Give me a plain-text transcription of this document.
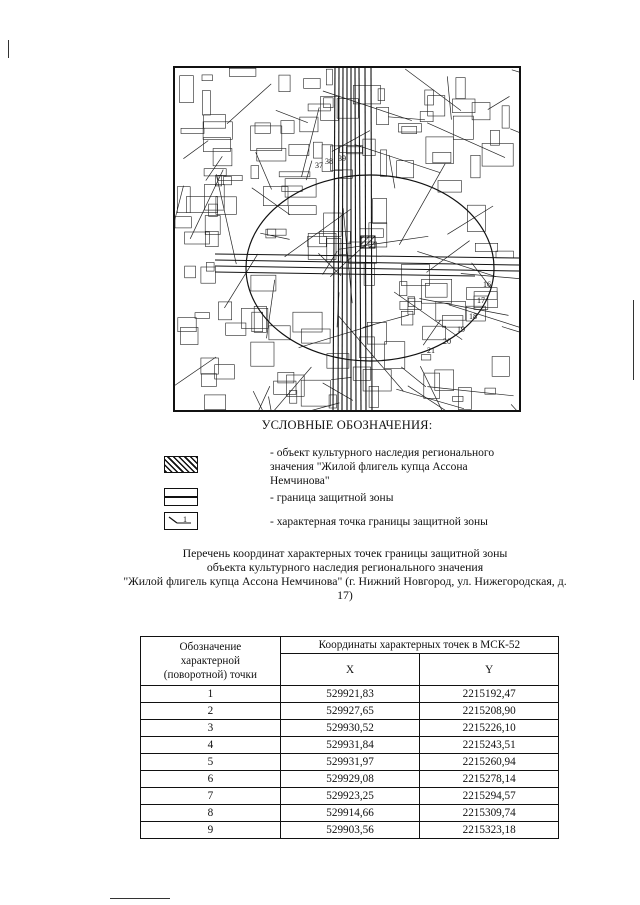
16
17
18
19
20
21
37 38 39
УСЛОВНЫЕ ОБОЗНАЧЕНИЯ:
- объект культурного наследия регионального
значения "Жилой флигель купца Ассона
Немчинова"
- граница защитной зоны
1	- характерная точка границы защитной зоны
Перечень координат характерных точек границы защитной зоны
объекта культурного наследия регионального значения
"Жилой флигель купца Ассона Немчинова" (г. Нижний Новгород, ул. Нижегородская, д.
17)
Обозначение характерной (поворотной) точки	Координаты характерных точек в МСК-52	
	X	Y
1	529921,83	2215192,47
2	529927,65	2215208,90
3	529930,52	2215226,10
4	529931,84	2215243,51
5	529931,97	2215260,94
6	529929,08	2215278,14
7	529923,25	2215294,57
8	529914,66	2215309,74
9	529903,56	2215323,18
